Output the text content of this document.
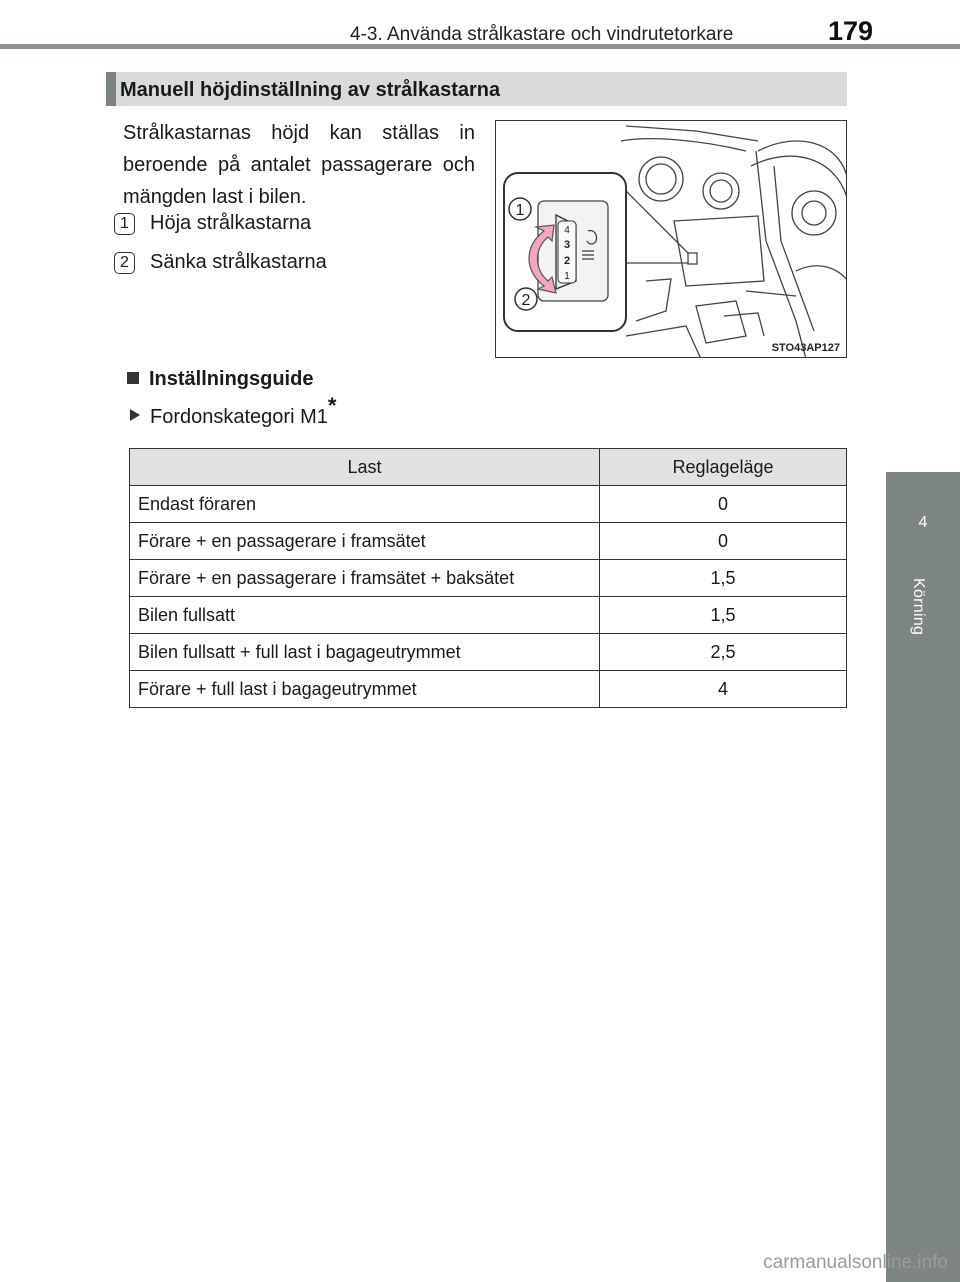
4-3. Använda strålkastare och vindrutetorkare	179
4
Körning
Manuell höjdinställning av strålkastarna
Strålkastarnas höjd kan ställas in beroende på antalet passagerare och mängden last i bilen.
1	Höja strålkastarna
2	Sänka strålkastarna
4
3
2
1
1
2
STO43AP127
Inställningsguide
Fordonskategori M1*
Last	Reglageläge
Endast föraren	0
Förare + en passagerare i framsätet	0
Förare + en passagerare i framsätet + baksätet	1,5
Bilen fullsatt	1,5
Bilen fullsatt + full last i bagageutrymmet	2,5
Förare + full last i bagageutrymmet	4
carmanualsonline.info
